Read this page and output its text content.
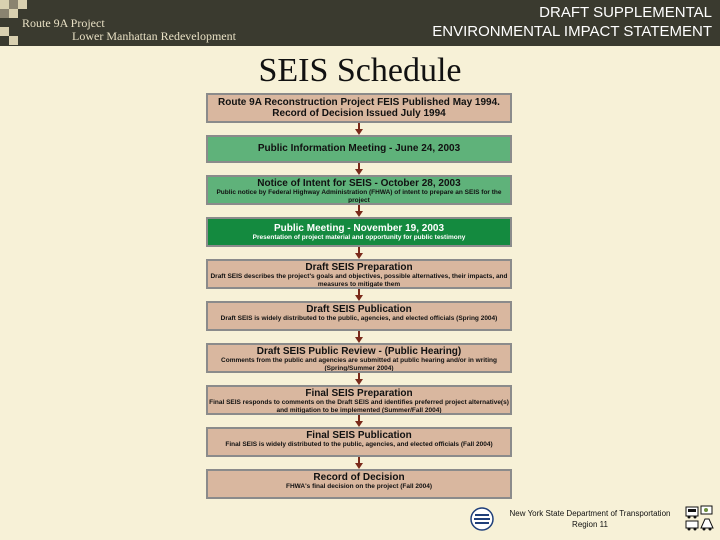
Route 9A Project
Lower Manhattan Redevelopment
DRAFT SUPPLEMENTAL
ENVIRONMENTAL IMPACT STATEMENT
SEIS Schedule
Route 9A Reconstruction Project FEIS Published May 1994. Record of Decision Issued July 1994
Public Information Meeting - June 24, 2003
Notice of Intent for SEIS - October 28, 2003
Public notice by Federal Highway Administration (FHWA) of intent to prepare an SEIS for the project
Public Meeting - November 19, 2003
Presentation of project material and opportunity for public testimony
Draft SEIS Preparation
Draft SEIS describes the project's goals and objectives, possible alternatives, their impacts, and measures to mitigate them
Draft SEIS Publication
Draft SEIS is widely distributed to the public, agencies, and elected officials (Spring 2004)
Draft SEIS Public Review - (Public Hearing)
Comments from the public and agencies are submitted at public hearing and/or in writing (Spring/Summer 2004)
Final SEIS Preparation
Final SEIS responds to comments on the Draft SEIS and identifies preferred project alternative(s) and mitigation to be implemented (Summer/Fall 2004)
Final SEIS Publication
Final SEIS is widely distributed to the public, agencies, and elected officials (Fall 2004)
Record of Decision
FHWA's final decision on the project (Fall 2004)
New York State Department of Transportation
Region 11
